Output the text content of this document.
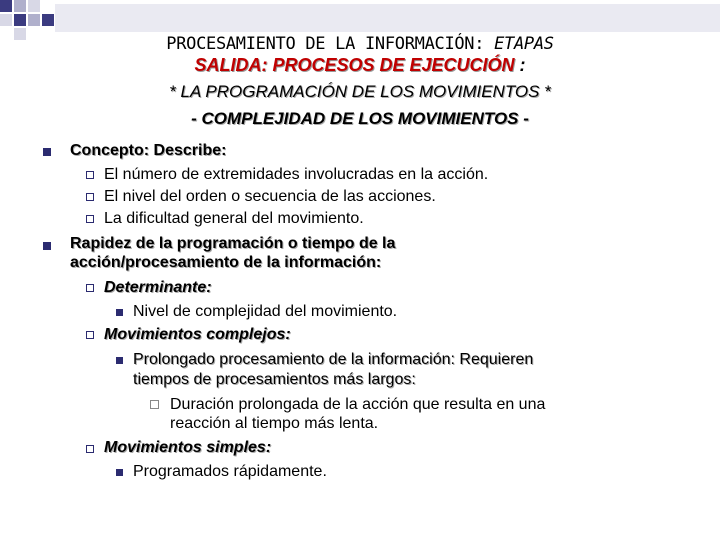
PROCESAMIENTO DE LA INFORMACIÓN: ETAPAS
SALIDA: PROCESOS DE EJECUCIÓN :
* LA PROGRAMACIÓN DE LOS MOVIMIENTOS *
- COMPLEJIDAD DE LOS MOVIMIENTOS -
Concepto: Describe:
El número de extremidades involucradas en la acción.
El nivel del orden o secuencia de las acciones.
La dificultad general del movimiento.
Rapidez de la programación o tiempo de la
acción/procesamiento de la información:
Determinante:
Nivel de complejidad del movimiento.
Movimientos complejos:
Prolongado procesamiento de la información: Requieren
tiempos de procesamientos más largos:
Duración prolongada de la acción que resulta en una
reacción al tiempo más lenta.
Movimientos simples:
Programados rápidamente.
